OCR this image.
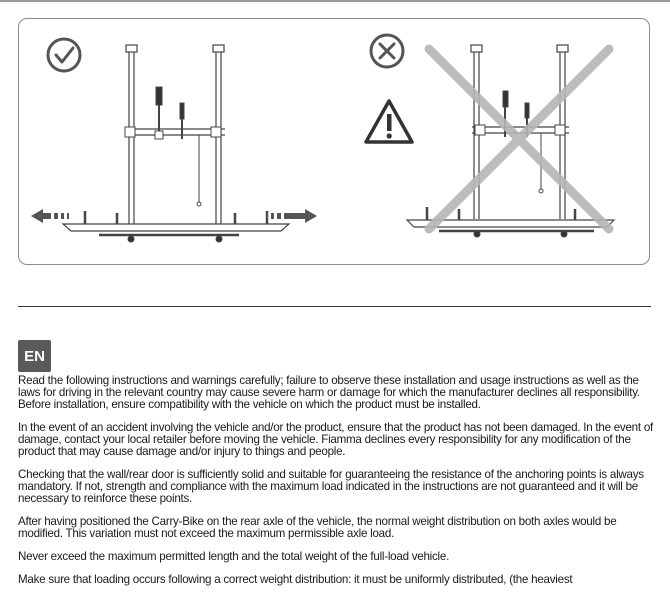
EN

Read the following instructions and warnings carefully; failure to observe these installation and usage instructions as well as the laws for driving in the relevant country may cause severe harm or damage for which the manufacturer declines all responsibility. Before installation, ensure compatibility with the vehicle on which the product must be installed.

In the event of an accident involving the vehicle and/or the product, ensure that the product has not been damaged. In the event of damage, contact your local retailer before moving the vehicle. Fiamma declines every responsibility for any modification of the product that may cause damage and/or injury to things and people.

Checking that the wall/rear door is sufficiently solid and suitable for guaranteeing the resistance of the anchoring points is always mandatory. If not, strength and compliance with the maximum load indicated in the instructions are not guaranteed and it will be necessary to reinforce these points.

After having positioned the Carry-Bike on the rear axle of the vehicle, the normal weight distribution on both axles would be modified. This variation must not exceed the maximum permissible axle load.

Never exceed the maximum permitted length and the total weight of the full-load vehicle.

Make sure that loading occurs following a correct weight distribution: it must be uniformly distributed, (the heaviest
